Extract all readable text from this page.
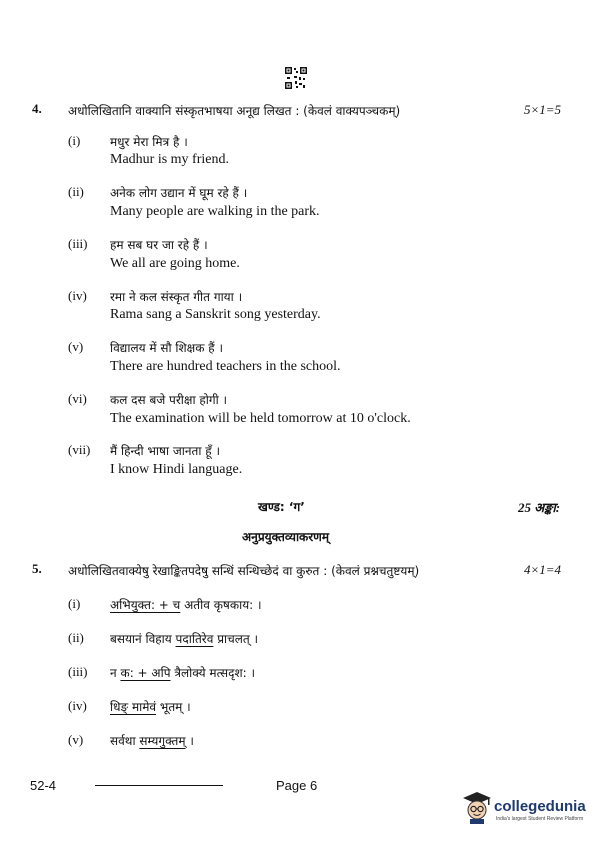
4. अधोलिखितानि वाक्यानि संस्कृतभाषया अनूद्य लिखत : (केवलं वाक्यपञ्चकम्)	5×1=5
(i) मधुर मेरा मित्र है ।
Madhur is my friend.
(ii) अनेक लोग उद्यान में घूम रहे हैं ।
Many people are walking in the park.
(iii) हम सब घर जा रहे हैं ।
We all are going home.
(iv) रमा ने कल संस्कृत गीत गाया ।
Rama sang a Sanskrit song yesterday.
(v) विद्यालय में सौ शिक्षक हैं ।
There are hundred teachers in the school.
(vi) कल दस बजे परीक्षा होगी ।
The examination will be held tomorrow at 10 o'clock.
(vii) मैं हिन्दी भाषा जानता हूँ ।
I know Hindi language.
खण्ड: ‘ग’	25 अङ्का:
अनुप्रयुक्तव्याकरणम्
5. अधोलिखितवाक्येषु रेखाङ्कितपदेषु सन्धिं सन्धिच्छेदं वा कुरुत : (केवलं प्रश्नचतुष्टयम्)	4×1=4
(i) अभियुक्त: + च अतीव कृषकाय: ।
(ii) बसयानं विहाय पदातिरेव प्राचलत् ।
(iii) न क: + अपि त्रैलोक्ये मत्सदृश: ।
(iv) धिङ् मामेवं भूतम् ।
(v) सर्वथा सम्यगुक्तम् ।
52-4	Page 6
collegedunia
India's largest Student Review Platform
